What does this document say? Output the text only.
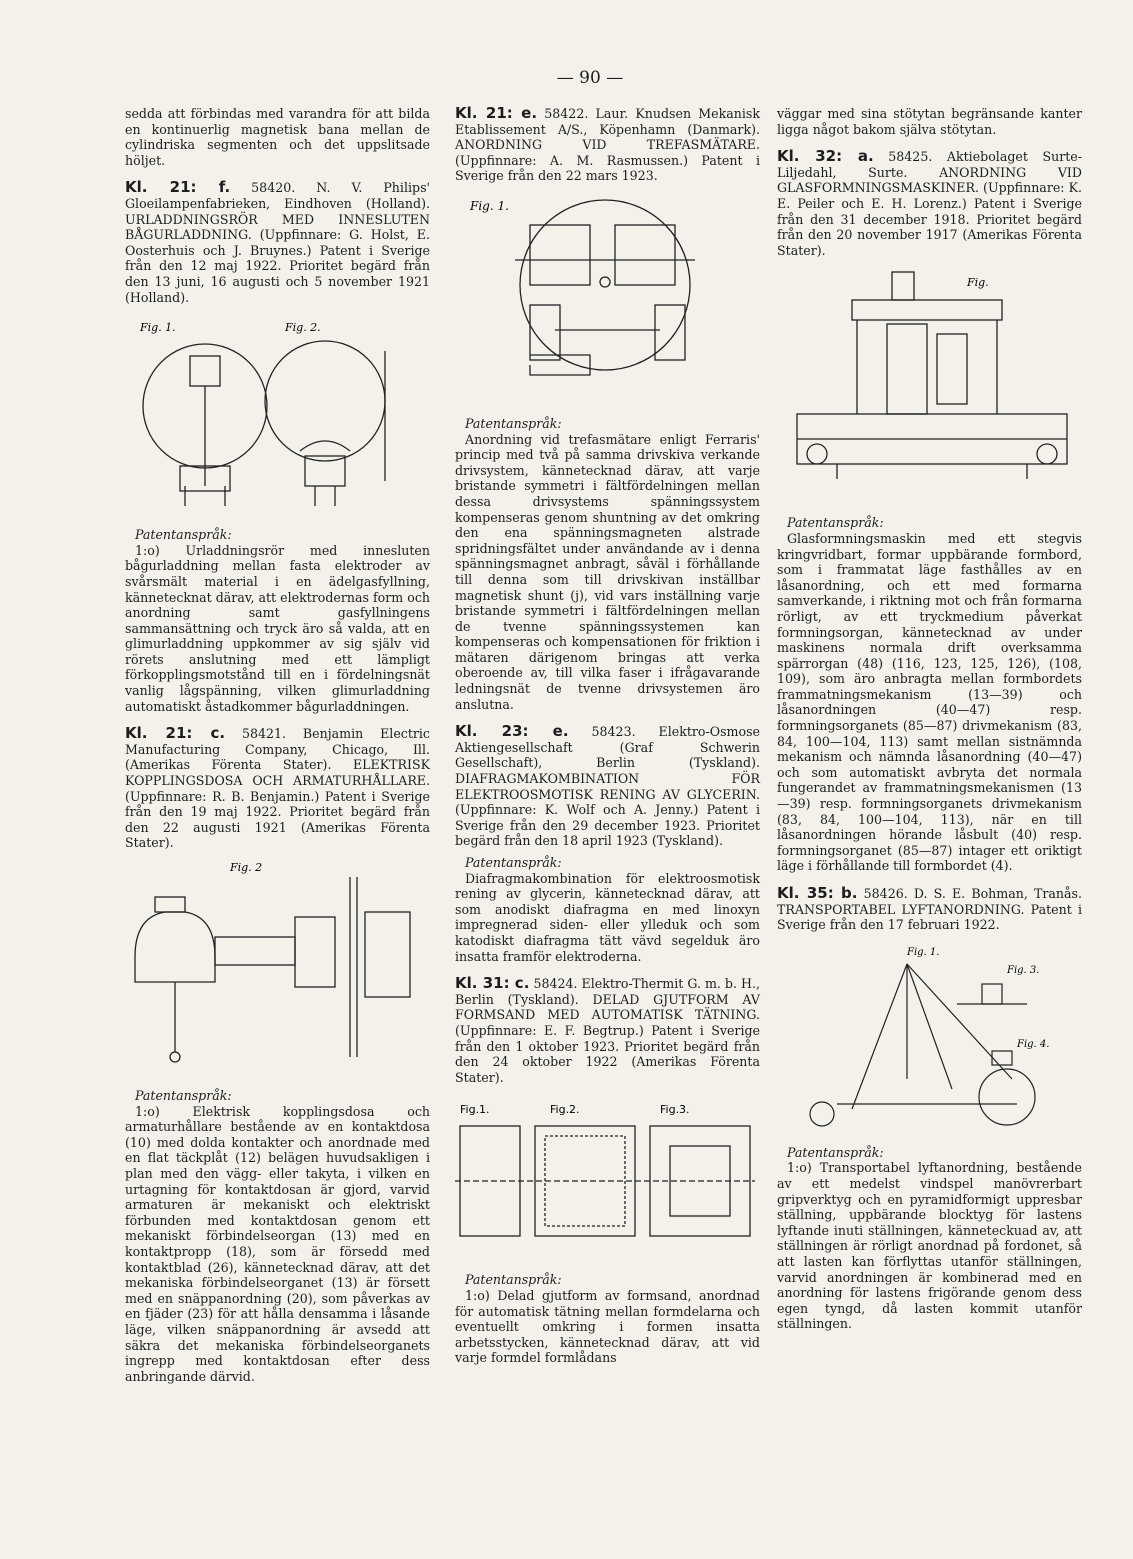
— 90 —

sedda att förbindas med varandra för att bilda en kontinuerlig magnetisk bana mellan de cylindriska segmenten och det uppslitsade höljet.

Kl. 21: f. 58420. N. V. Philips' Gloeilampenfabrieken, Eindhoven (Holland). URLADDNINGSRÖR MED INNESLUTEN BÅGURLADDNING. (Uppfinnare: G. Holst, E. Oosterhuis och J. Bruynes.) Patent i Sverige från den 12 maj 1922. Prioritet begärd från den 13 juni, 16 augusti och 5 november 1921 (Holland).

Fig. 1.	Fig. 2.

Patentanspråk:

1:o) Urladdningsrör med innesluten bågurladdning mellan fasta elektroder av svårsmält material i en ädelgasfyllning, kännetecknat därav, att elektrodernas form och anordning samt gasfyllningens sammansättning och tryck äro så valda, att en glimurladdning uppkommer av sig själv vid rörets anslutning med ett lämpligt förkopplingsmotstånd till en i fördelningsnät vanlig lågspänning, vilken glimurladdning automatiskt åstadkommer bågurladdningen.

Kl. 21: c. 58421. Benjamin Electric Manufacturing Company, Chicago, Ill. (Amerikas Förenta Stater). ELEKTRISK KOPPLINGSDOSA OCH ARMATURHÅLLARE. (Uppfinnare: R. B. Benjamin.) Patent i Sverige från den 19 maj 1922. Prioritet begärd från den 22 augusti 1921 (Amerikas Förenta Stater).

Fig. 2

Patentanspråk:

1:o) Elektrisk kopplingsdosa och armaturhållare bestående av en kontaktdosa (10) med dolda kontakter och anordnade med en flat täckplåt (12) belägen huvudsakligen i plan med den vägg- eller takyta, i vilken en urtagning för kontaktdosan är gjord, varvid armaturen är mekaniskt och elektriskt förbunden med kontaktdosan genom ett mekaniskt förbindelseorgan (13) med en kontaktpropp (18), som är försedd med kontaktblad (26), kännetecknad därav, att det mekaniska förbindelseorganet (13) är försett med en snäppanordning (20), som påverkas av en fjäder (23) för att hålla densamma i låsande läge, vilken snäppanordning är avsedd att säkra det mekaniska förbindelseorganets ingrepp med kontaktdosan efter dess anbringande därvid.

Kl. 21: e. 58422. Laur. Knudsen Mekanisk Etablissement A/S., Köpenhamn (Danmark). ANORDNING VID TREFASMÄTARE. (Uppfinnare: A. M. Rasmussen.) Patent i Sverige från den 22 mars 1923.

Fig. 1.

Patentanspråk:

Anordning vid trefasmätare enligt Ferraris' princip med två på samma drivskiva verkande drivsystem, kännetecknad därav, att varje bristande symmetri i fältfördelningen mellan dessa drivsystems spänningssystem kompenseras genom shuntning av det omkring den ena spänningsmagneten alstrade spridningsfältet under användande av i denna spänningsmagnet anbragt, såväl i förhållande till denna som till drivskivan inställbar magnetisk shunt (j), vid vars inställning varje bristande symmetri i fältfördelningen mellan de tvenne spänningssystemen kan kompenseras och kompensationen för friktion i mätaren därigenom bringas att verka oberoende av, till vilka faser i ifrågavarande ledningsnät de tvenne drivsystemen äro anslutna.

Kl. 23: e. 58423. Elektro-Osmose Aktiengesellschaft (Graf Schwerin Gesellschaft), Berlin (Tyskland). DIAFRAGMAKOMBINATION FÖR ELEKTROOSMOTISK RENING AV GLYCERIN. (Uppfinnare: K. Wolf och A. Jenny.) Patent i Sverige från den 29 december 1923. Prioritet begärd från den 18 april 1923 (Tyskland).

Patentanspråk:

Diafragmakombination för elektroosmotisk rening av glycerin, kännetecknad därav, att som anodiskt diafragma en med linoxyn impregnerad siden- eller ylleduk och som katodiskt diafragma tätt vävd segelduk äro insatta framför elektroderna.

Kl. 31: c. 58424. Elektro-Thermit G. m. b. H., Berlin (Tyskland). DELAD GJUTFORM AV FORMSAND MED AUTOMATISK TÄTNING. (Uppfinnare: E. F. Begtrup.) Patent i Sverige från den 1 oktober 1923. Prioritet begärd från den 24 oktober 1922 (Amerikas Förenta Stater).

Fig.1.	Fig.2.	Fig.3.

Patentanspråk:

1:o) Delad gjutform av formsand, anordnad för automatisk tätning mellan formdelarna och eventuellt omkring i formen insatta arbetsstycken, kännetecknad därav, att vid varje formdel formlådans

väggar med sina stötytan begränsande kanter ligga något bakom själva stötytan.

Kl. 32: a. 58425. Aktiebolaget Surte-Liljedahl, Surte. ANORDNING VID GLASFORMNINGSMASKINER. (Uppfinnare: K. E. Peiler och E. H. Lorenz.) Patent i Sverige från den 31 december 1918. Prioritet begärd från den 20 november 1917 (Amerikas Förenta Stater).

Fig.

Patentanspråk:

Glasformningsmaskin med ett stegvis kringvridbart, formar uppbärande formbord, som i frammatat läge fasthålles av en låsanordning, och ett med formarna samverkande, i riktning mot och från formarna rörligt, av ett tryckmedium påverkat formningsorgan, kännetecknad av under maskinens normala drift overksamma spärrorgan (48) (116, 123, 125, 126), (108, 109), som äro anbragta mellan formbordets frammatningsmekanism (13—39) och låsanordningen (40—47) resp. formningsorganets (85—87) drivmekanism (83, 84, 100—104, 113) samt mellan sistnämnda mekanism och nämnda låsanordning (40—47) och som automatiskt avbryta det normala fungerandet av frammatningsmekanismen (13—39) resp. formningsorganets drivmekanism (83, 84, 100—104, 113), när en till låsanordningen hörande låsbult (40) resp. formningsorganet (85—87) intager ett oriktigt läge i förhållande till formbordet (4).

Kl. 35: b. 58426. D. S. E. Bohman, Tranås. TRANSPORTABEL LYFTANORDNING. Patent i Sverige från den 17 februari 1922.

Fig. 1.
Fig. 3.
Fig. 4.

Patentanspråk:

1:o) Transportabel lyftanordning, bestående av ett medelst vindspel manövrerbart gripverktyg och en pyramidformigt uppresbar ställning, uppbärande blocktyg för lastens lyftande inuti ställningen, känneteckuad av, att ställningen är rörligt anordnad på fordonet, så att lasten kan förflyttas utanför ställningen, varvid anordningen är kombinerad med en anordning för lastens frigörande genom dess egen tyngd, då lasten kommit utanför ställningen.
